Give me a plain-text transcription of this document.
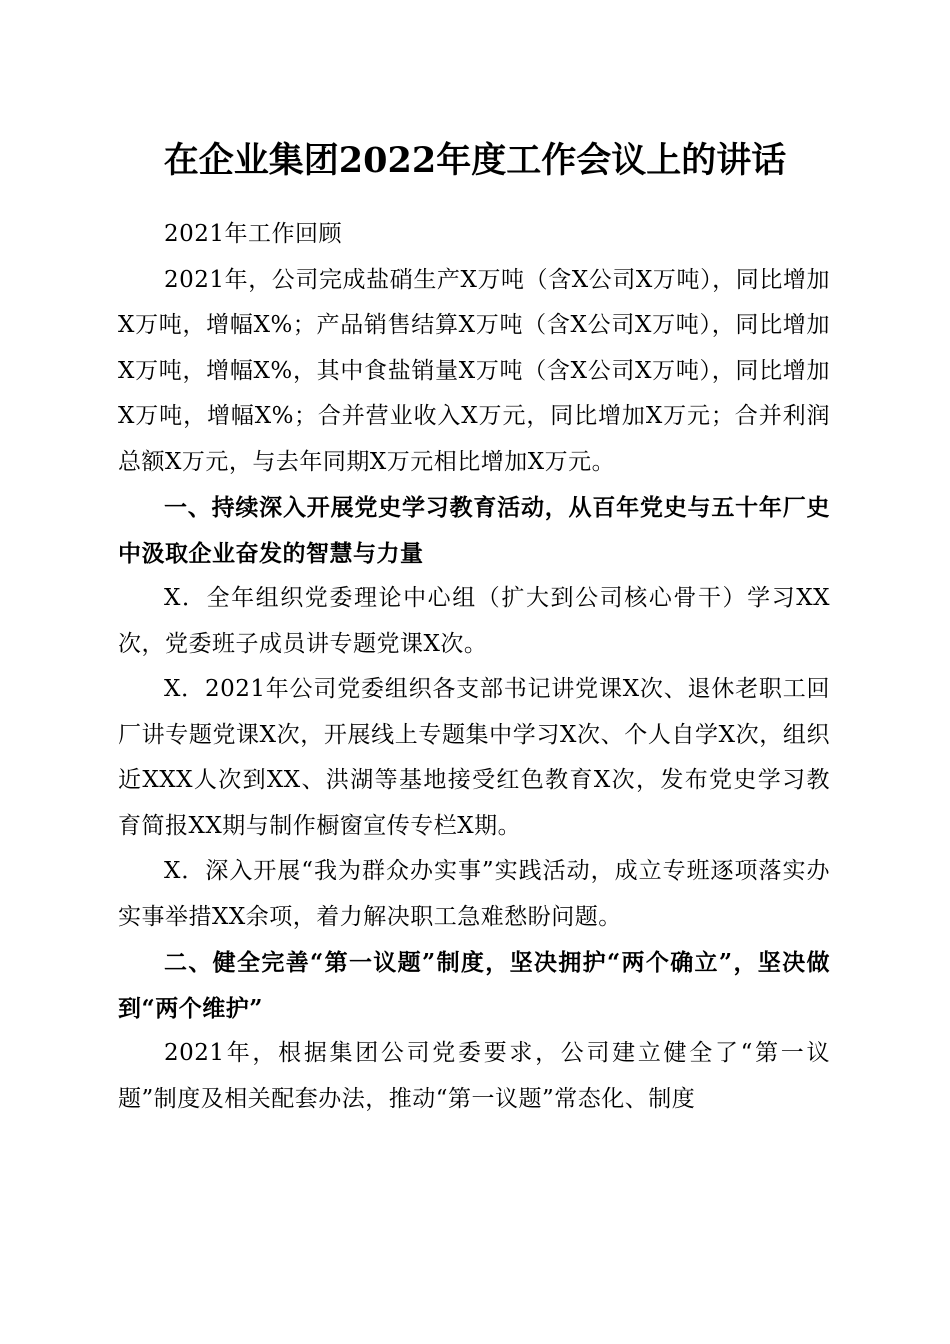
在企业集团2022年度工作会议上的讲话

2021年工作回顾

2021年，公司完成盐硝生产X万吨（含X公司X万吨），同比增加X万吨，增幅X%；产品销售结算X万吨（含X公司X万吨），同比增加X万吨，增幅X%，其中食盐销量X万吨（含X公司X万吨），同比增加X万吨，增幅X%；合并营业收入X万元，同比增加X万元；合并利润总额X万元，与去年同期X万元相比增加X万元。

一、持续深入开展党史学习教育活动，从百年党史与五十年厂史中汲取企业奋发的智慧与力量

X．全年组织党委理论中心组（扩大到公司核心骨干）学习XX次，党委班子成员讲专题党课X次。

X．2021年公司党委组织各支部书记讲党课X次、退休老职工回厂讲专题党课X次，开展线上专题集中学习X次、个人自学X次，组织近XXX人次到XX、洪湖等基地接受红色教育X次，发布党史学习教育简报XX期与制作橱窗宣传专栏X期。

X．深入开展“我为群众办实事”实践活动，成立专班逐项落实办实事举措XX余项，着力解决职工急难愁盼问题。

二、健全完善“第一议题”制度，坚决拥护“两个确立”，坚决做到“两个维护”

2021年，根据集团公司党委要求，公司建立健全了“第一议题”制度及相关配套办法，推动“第一议题”常态化、制度
